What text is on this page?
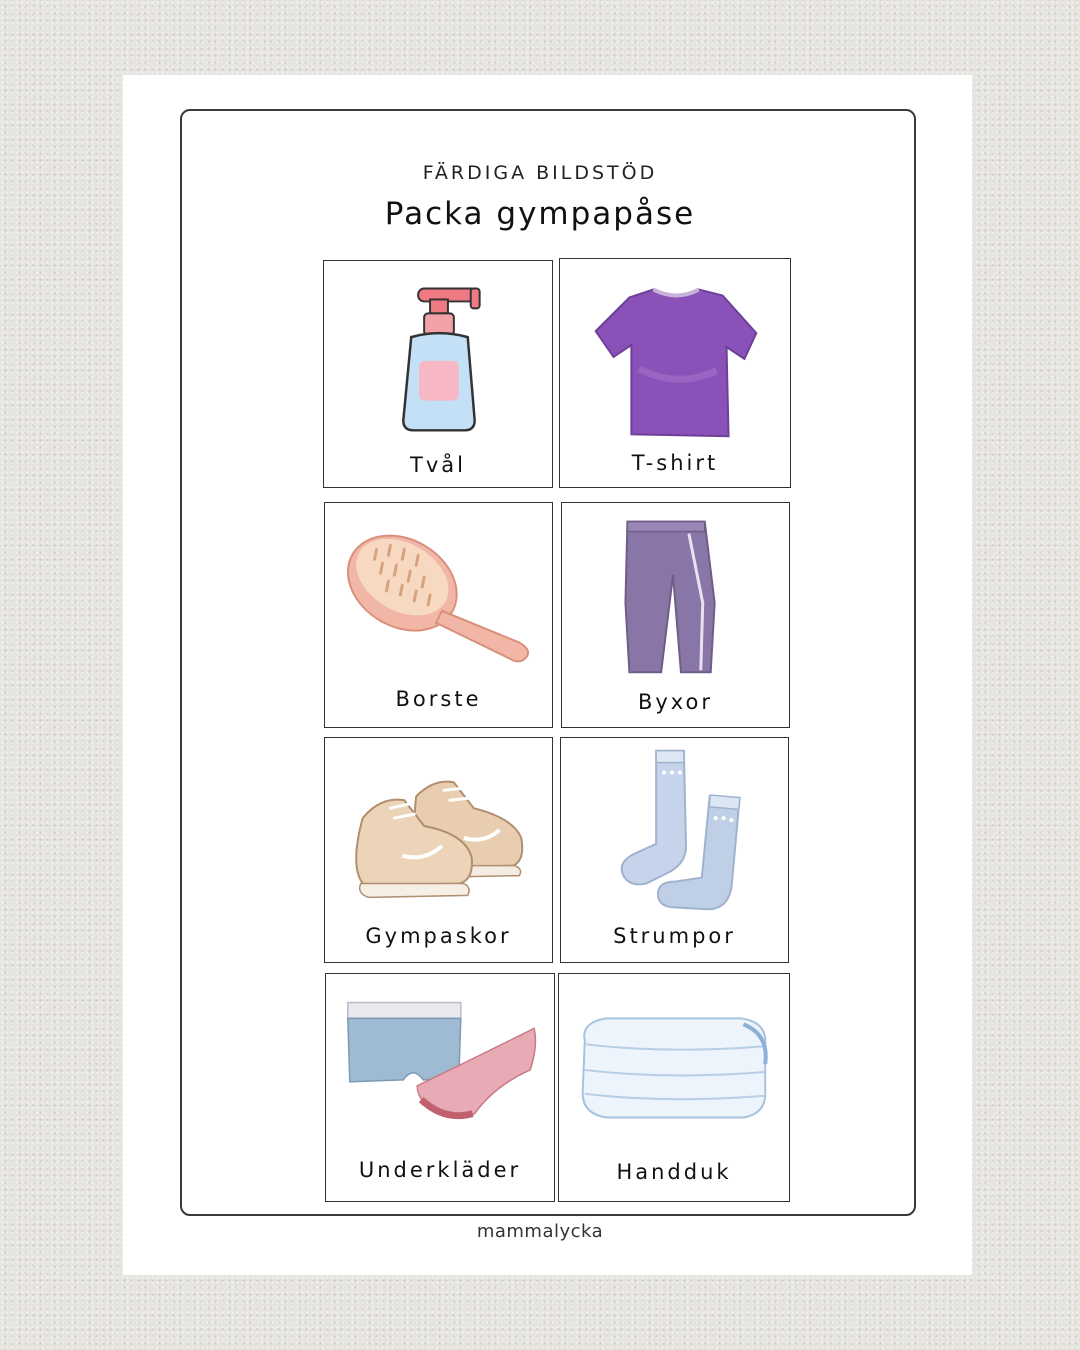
FÄRDIGA BILDSTÖD
Packa gympapåse
Tvål	T-shirt
Borste	Byxor
Gympaskor	Strumpor
Underkläder	Handduk
mammalycka
